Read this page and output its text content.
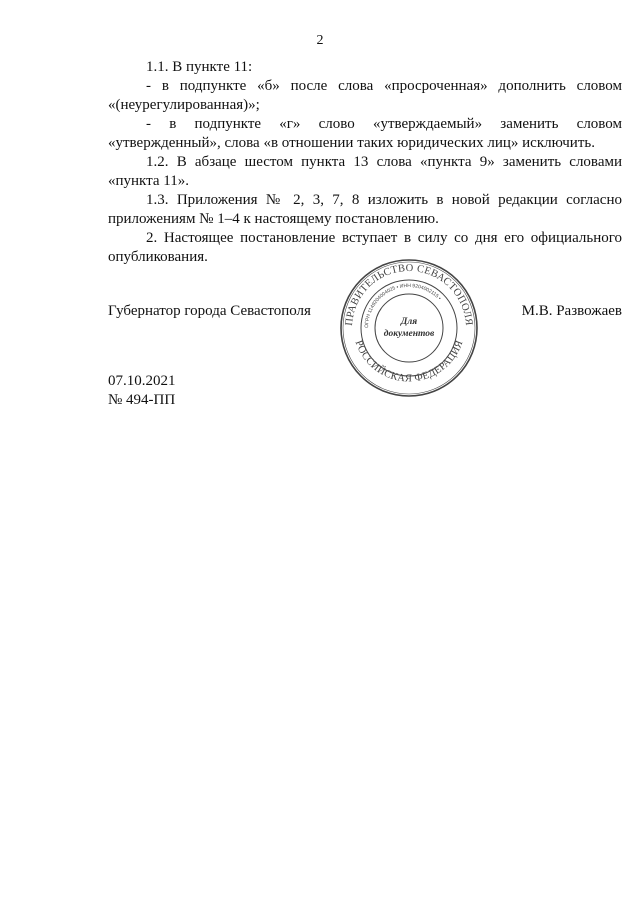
2

1.1. В пункте 11:

- в подпункте «б» после слова «просроченная» дополнить словом «(неурегулированная)»;

- в подпункте «г» слово «утверждаемый» заменить словом «утвержденный», слова «в отношении таких юридических лиц» исключить.

1.2. В абзаце шестом пункта 13 слова «пункта 9» заменить словами «пункта 11».

1.3. Приложения № 2, 3, 7, 8 изложить в новой редакции согласно приложениям № 1–4 к настоящему постановлению.

2. Настоящее постановление вступает в силу со дня его официального опубликования.

Губернатор города Севастополя	М.В. Развожаев
ПРАВИТЕЛЬСТВО СЕВАСТОПОЛЯ
РОССИЙСКАЯ ФЕДЕРАЦИЯ
ОГРН 1149204004025 • ИНН 9204002115 •
Для
документов
07.10.2021
№ 494-ПП
